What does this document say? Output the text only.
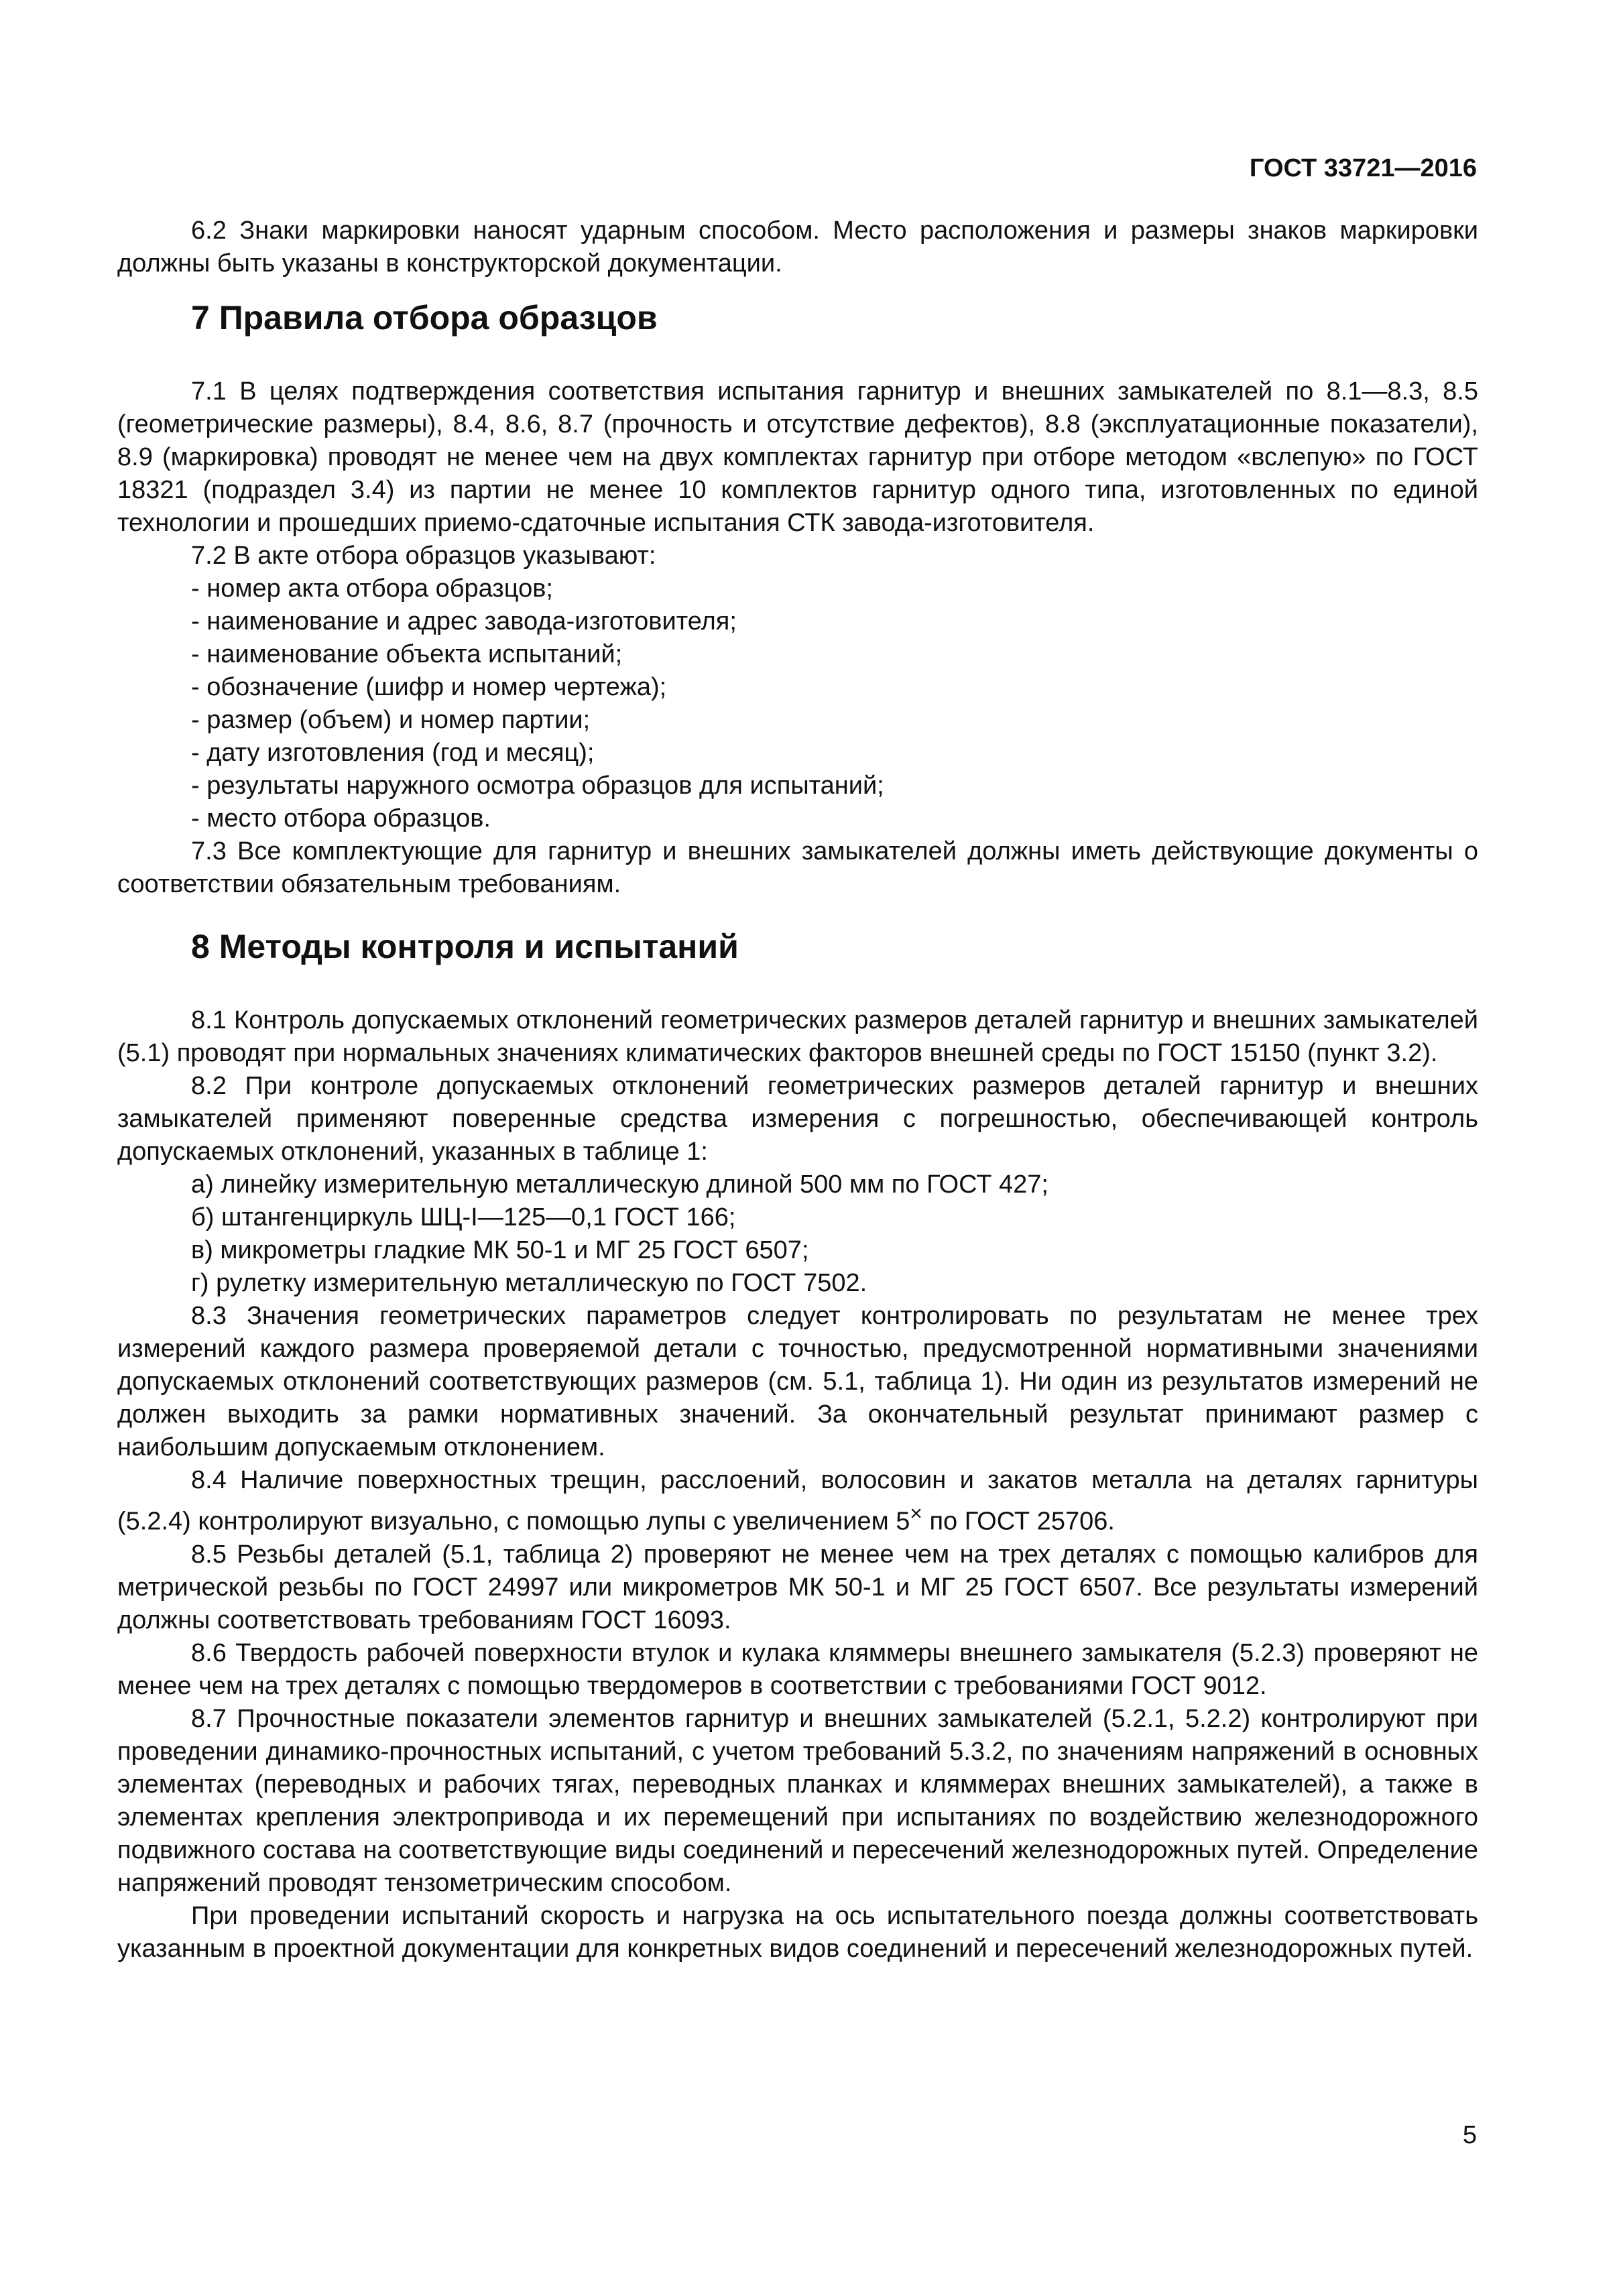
ГОСТ 33721—2016

6.2 Знаки маркировки наносят ударным способом. Место расположения и размеры знаков маркировки должны быть указаны в конструкторской документации.

7 Правила отбора образцов

7.1 В целях подтверждения соответствия испытания гарнитур и внешних замыкателей по 8.1—8.3, 8.5 (геометрические размеры), 8.4, 8.6, 8.7 (прочность и отсутствие дефектов), 8.8 (эксплуатационные показатели), 8.9 (маркировка) проводят не менее чем на двух комплектах гарнитур при отборе методом «вслепую» по ГОСТ 18321 (подраздел 3.4) из партии не менее 10 комплектов гарнитур одного типа, изготовленных по единой технологии и прошедших приемо-сдаточные испытания СТК завода-изготовителя.

7.2 В акте отбора образцов указывают:

- номер акта отбора образцов;

- наименование и адрес завода-изготовителя;

- наименование объекта испытаний;

- обозначение (шифр и номер чертежа);

- размер (объем) и номер партии;

- дату изготовления (год и месяц);

- результаты наружного осмотра образцов для испытаний;

- место отбора образцов.

7.3 Все комплектующие для гарнитур и внешних замыкателей должны иметь действующие документы о соответствии обязательным требованиям.

8 Методы контроля и испытаний

8.1 Контроль допускаемых отклонений геометрических размеров деталей гарнитур и внешних замыкателей (5.1) проводят при нормальных значениях климатических факторов внешней среды по ГОСТ 15150 (пункт 3.2).

8.2 При контроле допускаемых отклонений геометрических размеров деталей гарнитур и внешних замыкателей применяют поверенные средства измерения с погрешностью, обеспечивающей контроль допускаемых отклонений, указанных в таблице 1:

а) линейку измерительную металлическую длиной 500 мм по ГОСТ 427;

б) штангенциркуль ШЦ-I—125—0,1 ГОСТ 166;

в) микрометры гладкие МК 50-1 и МГ 25 ГОСТ 6507;

г) рулетку измерительную металлическую по ГОСТ 7502.

8.3 Значения геометрических параметров следует контролировать по результатам не менее трех измерений каждого размера проверяемой детали с точностью, предусмотренной нормативными значениями допускаемых отклонений соответствующих размеров (см. 5.1, таблица 1). Ни один из результатов измерений не должен выходить за рамки нормативных значений. За окончательный результат принимают размер с наибольшим допускаемым отклонением.

8.4 Наличие поверхностных трещин, расслоений, волосовин и закатов металла на деталях гарнитуры (5.2.4) контролируют визуально, с помощью лупы с увеличением 5× по ГОСТ 25706.

8.5 Резьбы деталей (5.1, таблица 2) проверяют не менее чем на трех деталях с помощью калибров для метрической резьбы по ГОСТ 24997 или микрометров МК 50-1 и МГ 25 ГОСТ 6507. Все результаты измерений должны соответствовать требованиям ГОСТ 16093.

8.6 Твердость рабочей поверхности втулок и кулака кляммеры внешнего замыкателя (5.2.3) проверяют не менее чем на трех деталях с помощью твердомеров в соответствии с требованиями ГОСТ 9012.

8.7 Прочностные показатели элементов гарнитур и внешних замыкателей (5.2.1, 5.2.2) контролируют при проведении динамико-прочностных испытаний, с учетом требований 5.3.2, по значениям напряжений в основных элементах (переводных и рабочих тягах, переводных планках и кляммерах внешних замыкателей), а также в элементах крепления электропривода и их перемещений при испытаниях по воздействию железнодорожного подвижного состава на соответствующие виды соединений и пересечений железнодорожных путей. Определение напряжений проводят тензометрическим способом.

При проведении испытаний скорость и нагрузка на ось испытательного поезда должны соответствовать указанным в проектной документации для конкретных видов соединений и пересечений железнодорожных путей.

5
